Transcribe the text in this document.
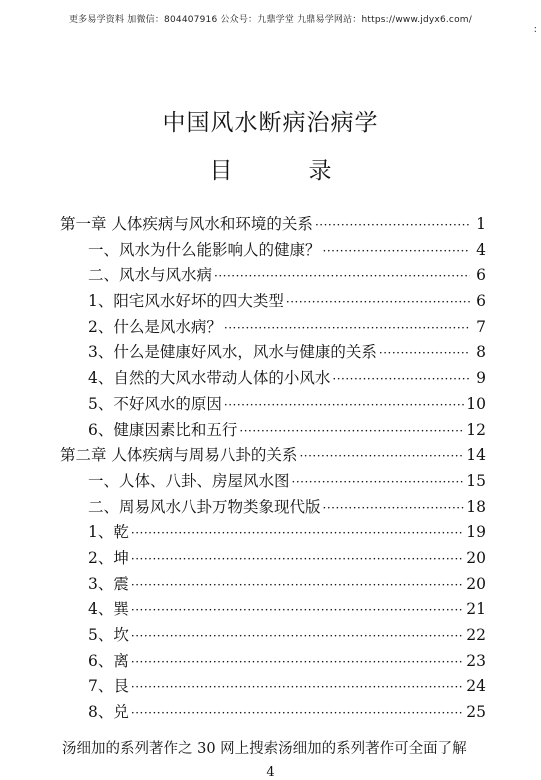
更多易学资料 加微信：804407916 公众号：九鼎学堂 九鼎易学网站：https://www.jdyx6.com/
:
中国风水断病治病学
目	录
第一章 人体疾病与风水和环境的关系 ·····	1
一、风水为什么能影响人的健康？ ·····	4
二、风水与风水病 ·····	6
1、阳宅风水好坏的四大类型 ·····	6
2、什么是风水病？ ·····	7
3、什么是健康好风水，风水与健康的关系 ·····	8
4、自然的大风水带动人体的小风水 ·····	9
5、不好风水的原因 ·····	10
6、健康因素比和五行 ·····	12
第二章 人体疾病与周易八卦的关系 ·····	14
一、人体、八卦、房屋风水图 ·····	15
二、周易风水八卦万物类象现代版 ·····	18
1、乾 ·····	19
2、坤 ·····	20
3、震 ·····	20
4、巽 ·····	21
5、坎 ·····	22
6、离 ·····	23
7、艮 ·····	24
8、兑 ·····	25
汤细加的系列著作之 30 网上搜索汤细加的系列著作可全面了解
4
